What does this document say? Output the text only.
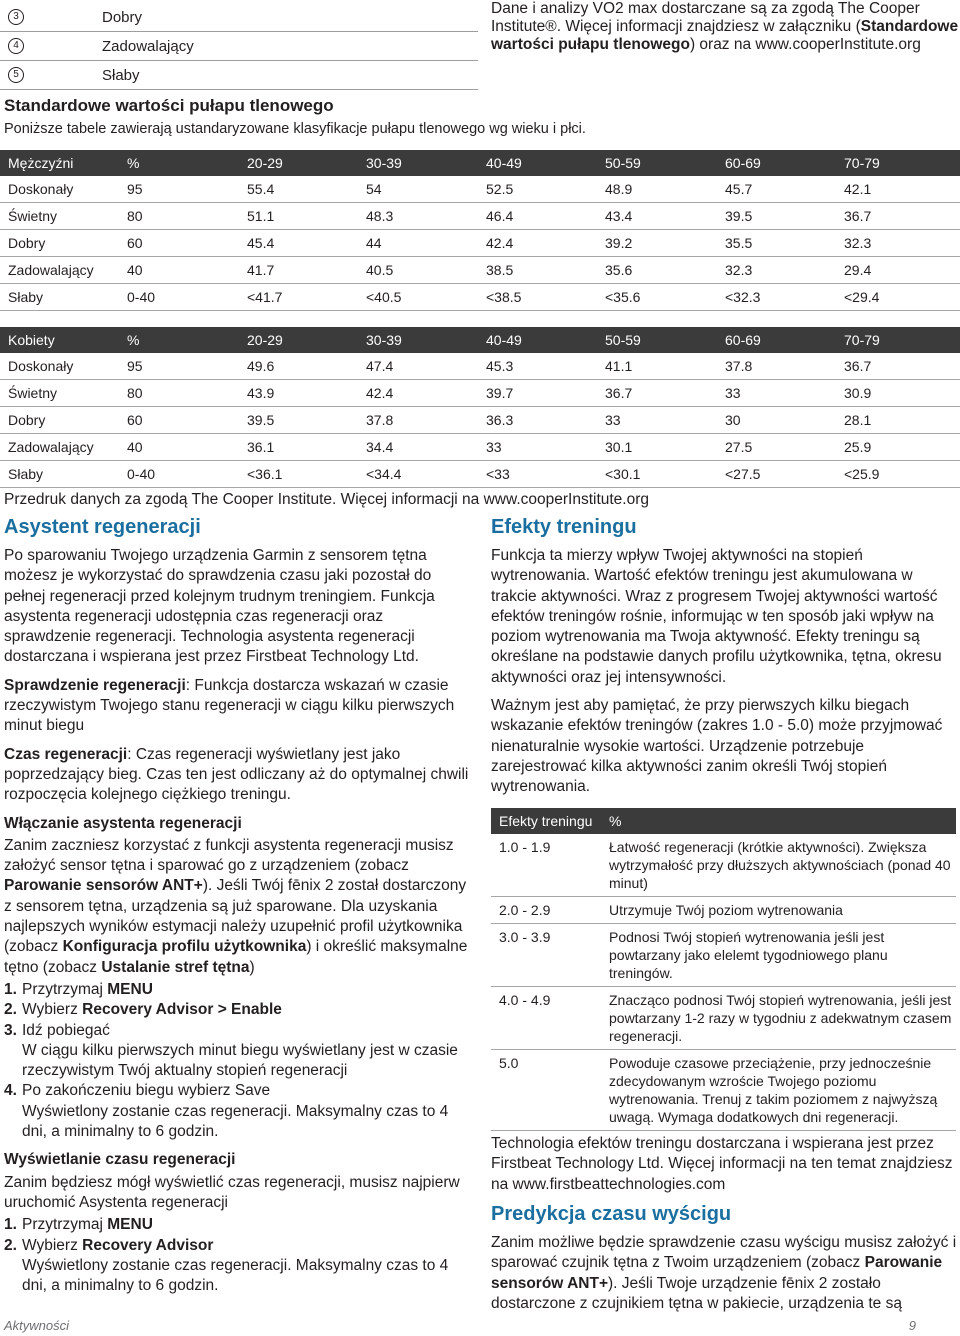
3	Dobry
4	Zadowalający
5	Słaby
Dane i analizy VO2 max dostarczane są za zgodą The Cooper Institute®. Więcej informacji znajdziesz w załączniku (Standardowe wartości pułapu tlenowego) oraz na www.cooperInstitute.org
Standardowe wartości pułapu tlenowego
Poniższe tabele zawierają ustandaryzowane klasyfikacje pułapu tlenowego wg wieku i płci.
Mężczyźni	%	20-29	30-39	40-49	50-59	60-69	70-79
Doskonały	95	55.4	54	52.5	48.9	45.7	42.1
Świetny	80	51.1	48.3	46.4	43.4	39.5	36.7
Dobry	60	45.4	44	42.4	39.2	35.5	32.3
Zadowalający	40	41.7	40.5	38.5	35.6	32.3	29.4
Słaby	0-40	<41.7	<40.5	<38.5	<35.6	<32.3	<29.4
Kobiety	%	20-29	30-39	40-49	50-59	60-69	70-79
Doskonały	95	49.6	47.4	45.3	41.1	37.8	36.7
Świetny	80	43.9	42.4	39.7	36.7	33	30.9
Dobry	60	39.5	37.8	36.3	33	30	28.1
Zadowalający	40	36.1	34.4	33	30.1	27.5	25.9
Słaby	0-40	<36.1	<34.4	<33	<30.1	<27.5	<25.9
Przedruk danych za zgodą The Cooper Institute. Więcej informacji na www.cooperInstitute.org
Asystent regeneracji

Po sparowaniu Twojego urządzenia Garmin z sensorem tętna możesz je wykorzystać do sprawdzenia czasu jaki pozostał do pełnej regeneracji przed kolejnym trudnym treningiem. Funkcja asystenta regeneracji udostępnia czas regeneracji oraz sprawdzenie regeneracji. Technologia asystenta regeneracji dostarczana i wspierana jest przez Firstbeat Technology Ltd.

Sprawdzenie regeneracji: Funkcja dostarcza wskazań w czasie rzeczywistym Twojego stanu regeneracji w ciągu kilku pierwszych minut biegu

Czas regeneracji: Czas regeneracji wyświetlany jest jako poprzedzający bieg. Czas ten jest odliczany aż do optymalnej chwili rozpoczęcia kolejnego ciężkiego treningu.

Włączanie asystenta regeneracji

Zanim zaczniesz korzystać z funkcji asystenta regeneracji musisz założyć sensor tętna i sparować go z urządzeniem (zobacz Parowanie sensorów ANT+). Jeśli Twój fēnix 2 został dostarczony z sensorem tętna, urządzenia są już sparowane. Dla uzyskania najlepszych wyników estymacji należy uzupełnić profil użytkownika (zobacz Konfiguracja profilu użytkownika) i określić maksymalne tętno (zobacz Ustalanie stref tętna)

1. Przytrzymaj MENU
2. Wybierz Recovery Advisor > Enable
3. Idź pobiegać
W ciągu kilku pierwszych minut biegu wyświetlany jest w czasie rzeczywistym Twój aktualny stopień regeneracji
4. Po zakończeniu biegu wybierz Save
Wyświetlony zostanie czas regeneracji. Maksymalny czas to 4 dni, a minimalny to 6 godzin.
Wyświetlanie czasu regeneracji

Zanim będziesz mógł wyświetlić czas regeneracji, musisz najpierw uruchomić Asystenta regeneracji

1. Przytrzymaj MENU
2. Wybierz Recovery Advisor
Wyświetlony zostanie czas regeneracji. Maksymalny czas to 4 dni, a minimalny to 6 godzin.
Efekty treningu

Funkcja ta mierzy wpływ Twojej aktywności na stopień wytrenowania. Wartość efektów treningu jest akumulowana w trakcie aktywności. Wraz z progresem Twojej aktywności wartość efektów treningów rośnie, informując w ten sposób jaki wpływ na poziom wytrenowania ma Twoja aktywność. Efekty treningu są określane na podstawie danych profilu użytkownika, tętna, okresu aktywności oraz jej intensywności.

Ważnym jest aby pamiętać, że przy pierwszych kilku biegach wskazanie efektów treningów (zakres 1.0 - 5.0) może przyjmować nienaturalnie wysokie wartości. Urządzenie potrzebuje zarejestrować kilka aktywności zanim określi Twój stopień wytrenowania.

Efekty treningu	%
1.0 - 1.9	Łatwość regeneracji (krótkie aktywności). Zwiększa wytrzymałość przy dłuższych aktywnościach (ponad 40 minut)
2.0 - 2.9	Utrzymuje Twój poziom wytrenowania
3.0 - 3.9	Podnosi Twój stopień wytrenowania jeśli jest powtarzany jako elelemt tygodniowego planu treningów.
4.0 - 4.9	Znacząco podnosi Twój stopień wytrenowania, jeśli jest powtarzany 1-2 razy w tygodniu z adekwatnym czasem regeneracji.
5.0	Powoduje czasowe przeciążenie, przy jednocześnie zdecydowanym wzroście Twojego poziomu wytrenowania. Trenuj z takim poziomem z najwyższą uwagą. Wymaga dodatkowych dni regeneracji.
Technologia efektów treningu dostarczana i wspierana jest przez Firstbeat Technology Ltd. Więcej informacji na ten temat znajdziesz na www.firstbeattechnologies.com
Predykcja czasu wyścigu
Zanim możliwe będzie sprawdzenie czasu wyścigu musisz założyć i sparować czujnik tętna z Twoim urządzeniem (zobacz Parowanie sensorów ANT+). Jeśli Twoje urządzenie fēnix 2 zostało dostarczone z czujnikiem tętna w pakiecie, urządzenia te są
Aktywności	9
